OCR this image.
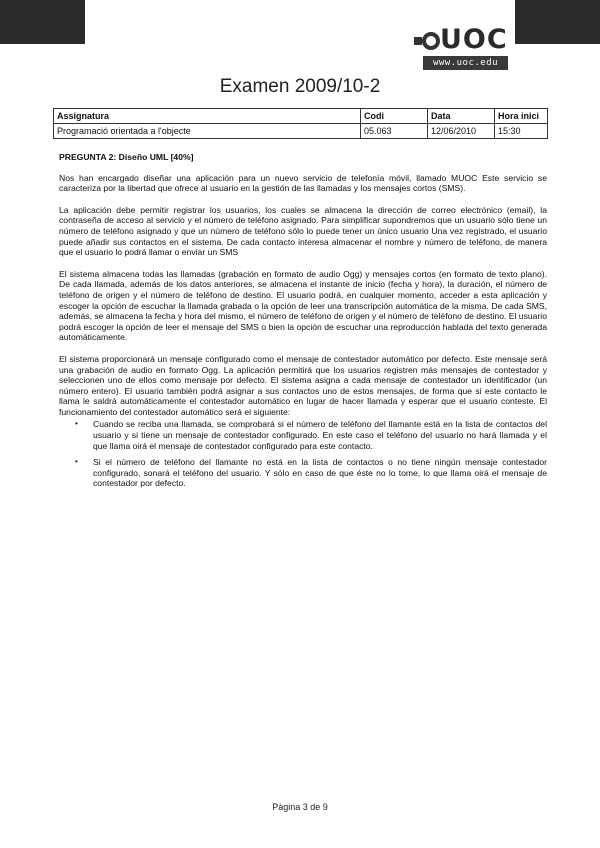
UOC
www.uoc.edu
Examen 2009/10-2
Assignatura	Codi	Data	Hora inici
Programació orientada a l'objecte	05.063	12/06/2010	15:30
PREGUNTA 2: Diseño UML [40%]

Nos han encargado diseñar una aplicación para un nuevo servicio de telefonía móvil, llamado MUOC Este servicio se caracteriza por la libertad que ofrece al usuario en la gestión de las llamadas y los mensajes cortos (SMS).

La aplicación debe permitir registrar los usuarios, los cuales se almacena la dirección de correo electrónico (email), la contraseña de acceso al servicio y el número de teléfono asignado. Para simplificar supondremos que un usuario sólo tiene un número de teléfono asignado y que un número de teléfono sólo lo puede tener un único usuario Una vez registrado, el usuario puede añadir sus contactos en el sistema. De cada contacto interesa almacenar el nombre y número de teléfono, de manera que el usuario lo podrá llamar o enviar un SMS

El sistema almacena todas las llamadas (grabación en formato de audio Ogg) y mensajes cortos (en formato de texto plano). De cada llamada, además de los datos anteriores, se almacena el instante de inicio (fecha y hora), la duración, el número de teléfono de origen y el número de teléfono de destino. El usuario podrá, en cualquier momento, acceder a esta aplicación y escoger la opción de escuchar la llamada grabada o la opción de leer una transcripción automática de la misma. De cada SMS, además, se almacena la fecha y hora del mismo, el número de teléfono de origen y el número de teléfono de destino. El usuario podrá escoger la opción de leer el mensaje del SMS o bien la opción de escuchar una reproducción hablada del texto generada automáticamente.

El sistema proporcionará un mensaje configurado como el mensaje de contestador automático por defecto. Este mensaje será una grabación de audio en formato Ogg. La aplicación permitirá que los usuarios registren más mensajes de contestador y seleccionen uno de ellos como mensaje por defecto. El sistema asigna a cada mensaje de contestador un identificador (un número entero). El usuario también podrá asignar a sus contactos uno de estos mensajes, de forma que si este contacto le llama le saldrá automáticamente el contestador automático en lugar de hacer llamada y esperar que el usuario conteste. El funcionamiento del contestador automático será el siguiente:

• Cuando se reciba una llamada, se comprobará si el número de teléfono del llamante está en la lista de contactos del usuario y si tiene un mensaje de contestador configurado. En este caso el teléfono del usuario no hará llamada y el que llama oirá el mensaje de contestador configurado para este contacto.
• Si el número de teléfono del llamante no está en la lista de contactos o no tiene ningún mensaje contestador configurado, sonará el teléfono del usuario. Y sólo en caso de que éste no lo tome, lo que llama oirá el mensaje de contestador por defecto.
Pàgina 3 de 9
